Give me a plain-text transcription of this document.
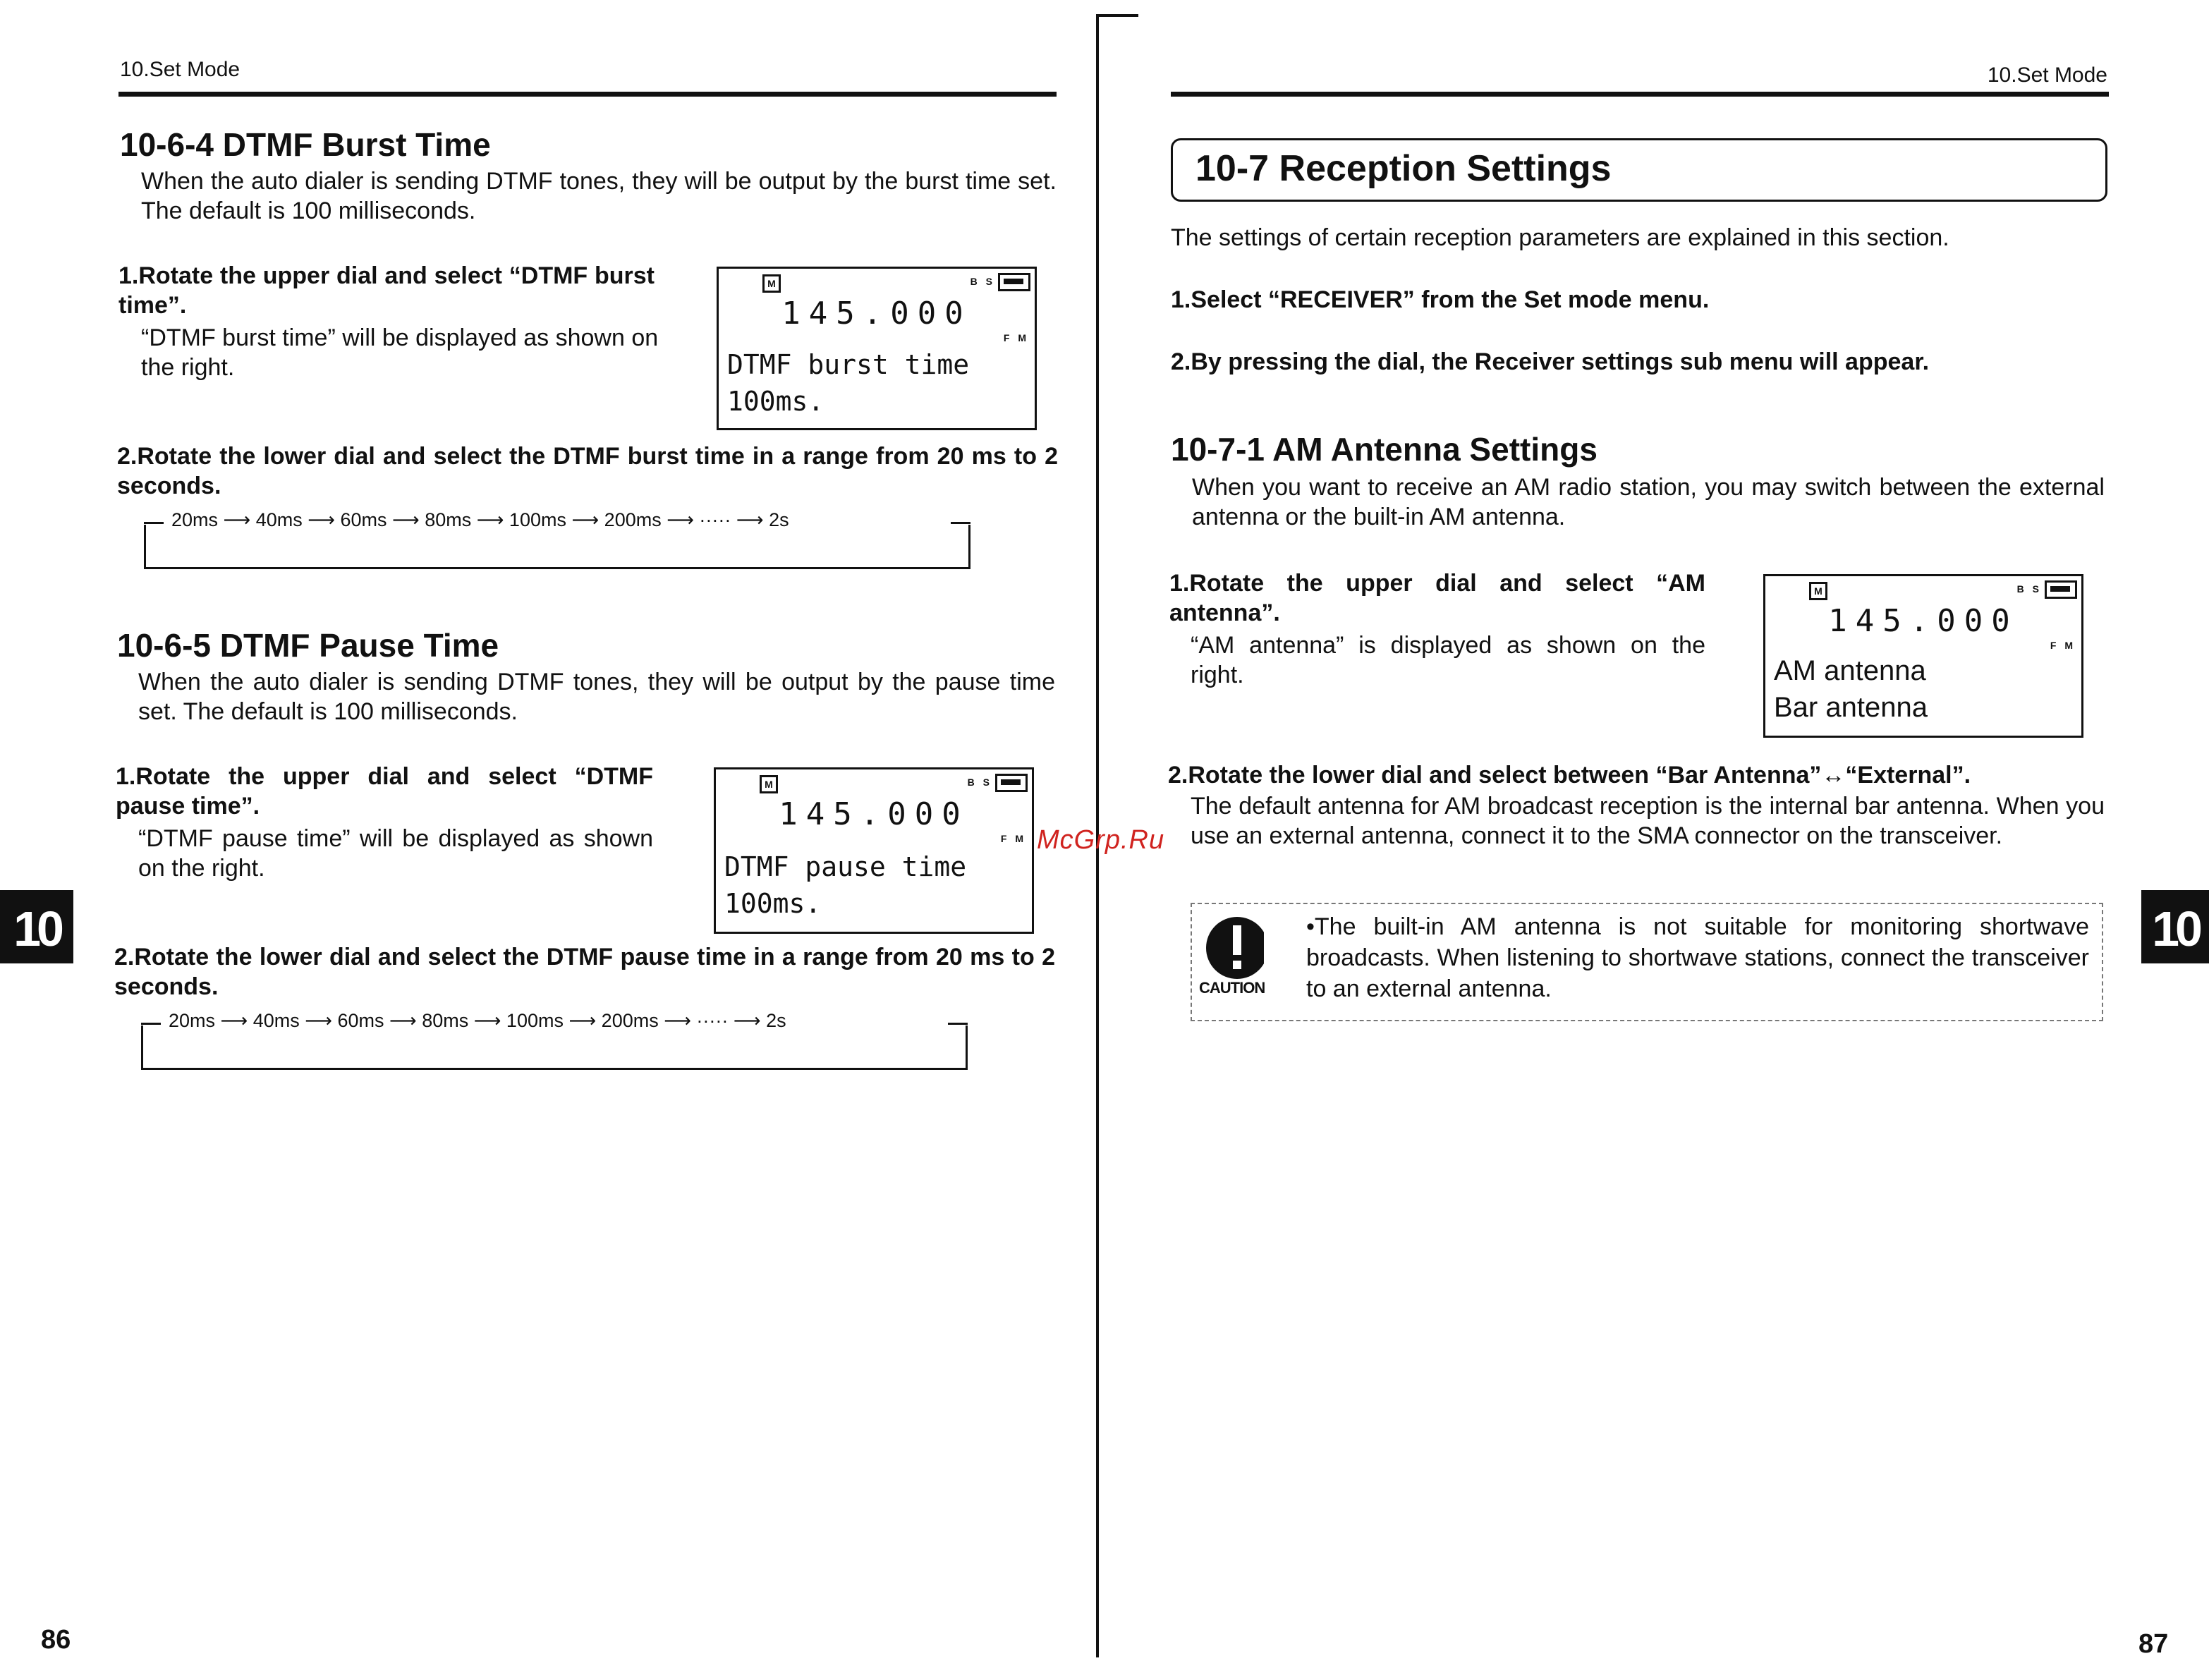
10.Set Mode
10-6-4 DTMF Burst Time
When the auto dialer is sending DTMF tones, they will be output by the burst time set. The default is 100 milliseconds.
1.Rotate the upper dial and select “DTMF burst time”.
“DTMF burst time” will be displayed as shown on the right.
M	B S
145.000
F M
DTMF burst time
100ms.
2.Rotate the lower dial and select the DTMF burst time in a range from 20 ms to 2 seconds.
20ms ⟶ 40ms ⟶ 60ms ⟶ 80ms ⟶ 100ms ⟶ 200ms ⟶ ····· ⟶ 2s
10-6-5 DTMF Pause Time
When the auto dialer is sending DTMF tones, they will be output by the pause time set. The default is 100 milliseconds.
1.Rotate the upper dial and select “DTMF pause time”.
“DTMF pause time” will be displayed as shown on the right.
M	B S
145.000
F M
DTMF pause time
100ms.
2.Rotate the lower dial and select the DTMF pause time in a range from 20 ms to 2 seconds.
20ms ⟶ 40ms ⟶ 60ms ⟶ 80ms ⟶ 100ms ⟶ 200ms ⟶ ····· ⟶ 2s
10
86
McGrp.Ru
10.Set Mode
10-7 Reception Settings
The settings of certain reception parameters are explained in this section.
1.Select “RECEIVER” from the Set mode menu.
2.By pressing the dial, the Receiver settings sub menu will appear.
10-7-1 AM Antenna Settings
When you want to receive an AM radio station, you may switch between the external antenna or the built-in AM antenna.
1.Rotate the upper dial and select “AM antenna”.
“AM antenna” is displayed as shown on the right.
M	B S
145.000
F M
AM antenna
Bar antenna
2.Rotate the lower dial and select between “Bar Antenna”↔“External”.
The default antenna for AM broadcast reception is the internal bar antenna. When you use an external antenna, connect it to the SMA connector on the transceiver.
CAUTION
•The built-in AM antenna is not suitable for monitoring shortwave broadcasts. When listening to shortwave stations, connect the transceiver to an external antenna.
10
87
